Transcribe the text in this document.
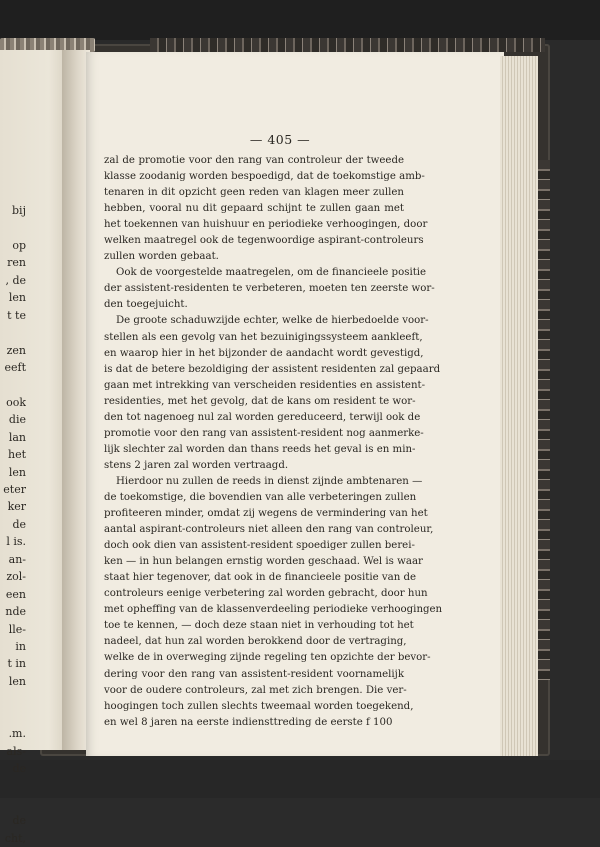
bij
op
ren
, de
len
t te
zen
eeft
ook
die
lan
het
len
eter
ker
de
l is.
an-
zol-
een
nde
lle-
in
t in
len
.m.
als-
de
de
cht,
— 405 —
zal de promotie voor den rang van controleur der tweede
klasse zoodanig worden bespoedigd, dat de toekomstige amb-
tenaren in dit opzicht geen reden van klagen meer zullen
hebben, vooral nu dit gepaard schijnt te zullen gaan met
het toekennen van huishuur en periodieke verhoogingen, door
welken maatregel ook de tegenwoordige aspirant-controleurs
zullen worden gebaat.
Ook de voorgestelde maatregelen, om de financieele positie
der assistent-residenten te verbeteren, moeten ten zeerste wor-
den toegejuicht.
De groote schaduwzijde echter, welke de hierbedoelde voor-
stellen als een gevolg van het bezuinigingssysteem aankleeft,
en waarop hier in het bijzonder de aandacht wordt gevestigd,
is dat de betere bezoldiging der assistent residenten zal gepaard
gaan met intrekking van verscheiden residenties en assistent-
residenties, met het gevolg, dat de kans om resident te wor-
den tot nagenoeg nul zal worden gereduceerd, terwijl ook de
promotie voor den rang van assistent-resident nog aanmerke-
lijk slechter zal worden dan thans reeds het geval is en min-
stens 2 jaren zal worden vertraagd.
Hierdoor nu zullen de reeds in dienst zijnde ambtenaren —
de toekomstige, die bovendien van alle verbeteringen zullen
profiteeren minder, omdat zij wegens de vermindering van het
aantal aspirant-controleurs niet alleen den rang van controleur,
doch ook dien van assistent-resident spoediger zullen berei-
ken — in hun belangen ernstig worden geschaad. Wel is waar
staat hier tegenover, dat ook in de financieele positie van de
controleurs eenige verbetering zal worden gebracht, door hun
met opheffing van de klassenverdeeling periodieke verhoogingen
toe te kennen, — doch deze staan niet in verhouding tot het
nadeel, dat hun zal worden berokkend door de vertraging,
welke de in overweging zijnde regeling ten opzichte der bevor-
dering voor den rang van assistent-resident voornamelijk
voor de oudere controleurs, zal met zich brengen. Die ver-
hoogingen toch zullen slechts tweemaal worden toegekend,
en wel 8 jaren na eerste indiensttreding de eerste f 100
